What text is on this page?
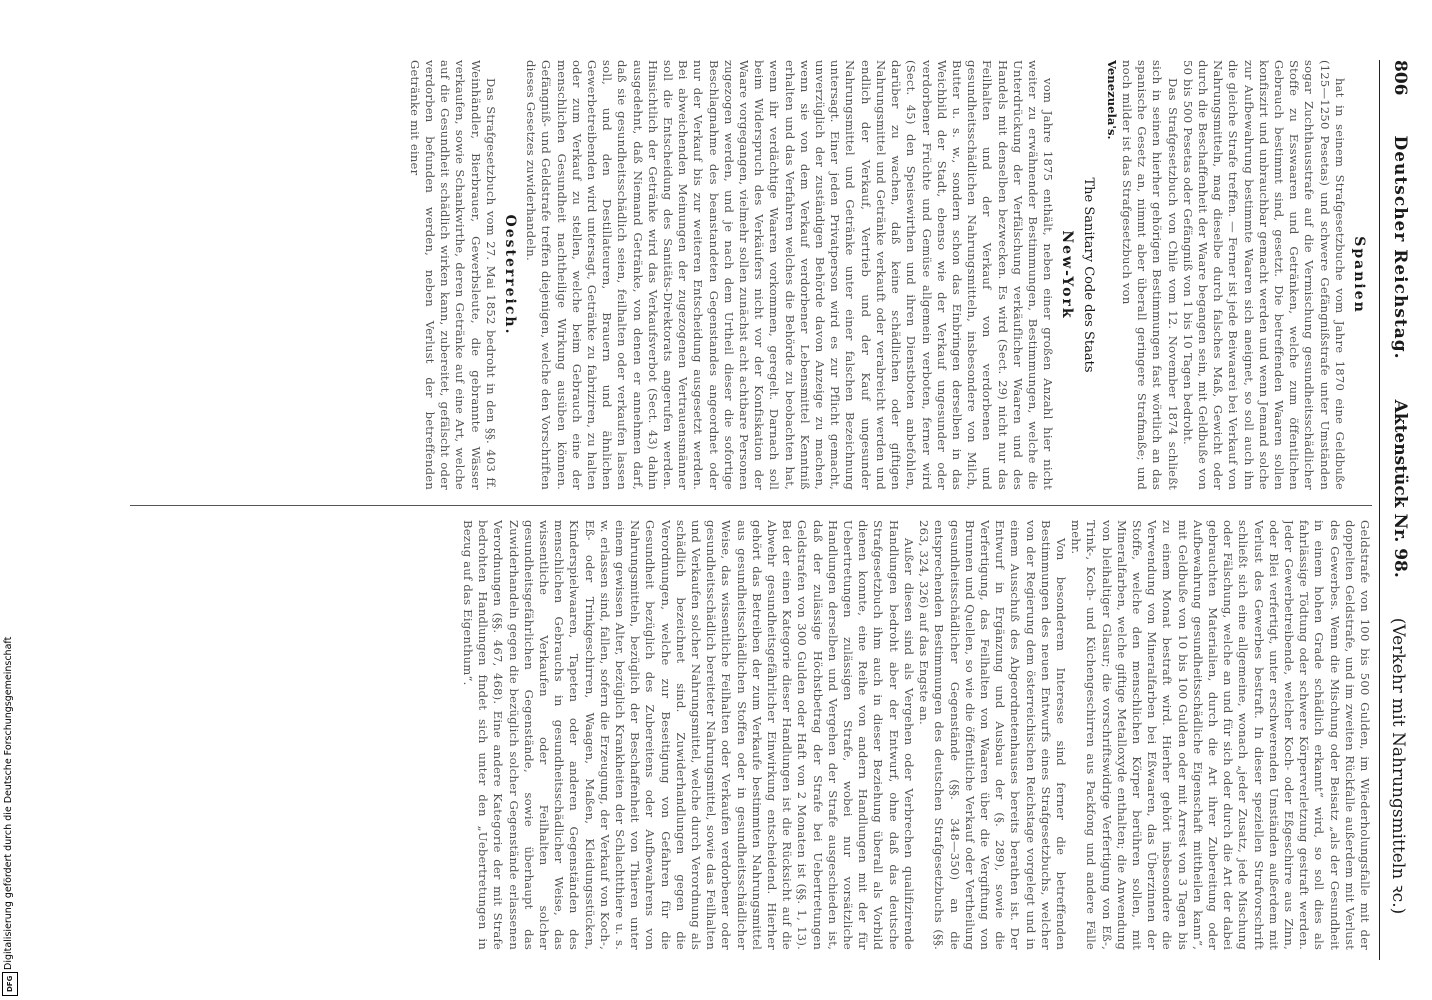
Digitalisierung gefördert durch die Deutsche Forschungsgemeinschaft
DFG
806
Deutscher Reichstag.
Aktenstück Nr. 98.
(Verkehr mit Nahrungsmitteln ꝛc.)
Spanien

hat in seinem Strafgesetzbuche vom Jahre 1870 eine Geldbuße (125—1250 Pesetas) und schwere Gefängnißstrafe unter Umständen sogar Zuchthausstrafe auf die Vermischung gesundheitsschädlicher Stoffe zu Esswaaren und Getränken, welche zum öffentlichen Gebrauch bestimmt sind, gesetzt. Die betreffenden Waaren sollen konfiszirt und unbrauchbar gemacht werden und wenn Jemand solche zur Aufbewahrung bestimmte Waaren sich aneignet, so soll auch ihn die gleiche Strafe treffen. — Ferner ist jede Beiwaarei bei Verkauf von Nahrungsmitteln, mag dieselbe durch falsches Maß, Gewicht oder durch die Beschaffenheit der Waare begangen sein, mit Geldbuße von 50 bis 500 Pesetas oder Gefängniß von 1 bis 10 Tagen bedroht.

Das Strafgesetzbuch von Chile vom 12. November 1874 schließt sich in seinen hierher gehörigen Bestimmungen fast wörtlich an das spanische Gesetz an, nimmt aber überall geringere Strafmaße; und noch milder ist das Strafgesetzbuch von

Venezuela's.

The Sanitary Code des Staats
New-York

vom Jahre 1875 enthält, neben einer großen Anzahl hier nicht weiter zu erwähnender Bestimmungen, Bestimmungen, welche die Unterdrückung der Verfälschung verkäuflicher Waaren und des Handels mit denselben bezwecken. Es wird (Sect. 29) nicht nur das Feilhalten und der Verkauf von verdorbenen und gesundheitsschädlichen Nahrungsmitteln, insbesondere von Milch, Butter u. s. w., sondern schon das Einbringen derselben in das Weichbild der Stadt, ebenso wie der Verkauf ungesunder oder verdorbener Früchte und Gemüse allgemein verboten, ferner wird (Sect. 45) den Speisewirthen und ihren Dienstboten anbefohlen, darüber zu wachen, daß keine schädlichen oder giftigen Nahrungsmittel und Getränke verkauft oder verabreicht werden und endlich der Verkauf, Vertrieb und der Kauf ungesunder Nahrungsmittel und Getränke unter einer falschen Bezeichnung untersagt. Einer jeden Privatperson wird es zur Pflicht gemacht, unverzüglich der zuständigen Behörde davon Anzeige zu machen, wenn sie von dem Verkauf verdorbener Lebensmittel Kenntniß erhalten und das Verfahren welches die Behörde zu beobachten hat, wenn ihr verdächtige Waaren vorkommen, geregelt. Darnach soll beim Widerspruch des Verkäufers nicht vor der Konfiskation der Waare vorgegangen, vielmehr sollen zunächst acht achtbare Personen zugezogen werden, und je nach dem Urtheil dieser die sofortige Beschlagnahme des beanstandeten Gegenstandes angeordnet oder nur der Verkauf bis zur weiteren Entscheidung ausgesetzt werden. Bei abweichenden Meinungen der zugezogenen Vertrauensmänner soll die Entscheidung des Sanitäts-Direktorats angerufen werden. Hinsichtlich der Getränke wird das Verkaufsverbot (Sect. 43) dahin ausgedehnt, daß Niemand Getränke, von denen er annehmen darf, daß sie gesundheitsschädlich seien, feilhalten oder verkaufen lassen soll, und den Destillateuren, Brauern und ähnlichen Gewerbetreibenden wird untersagt, Getränke zu fabriziren, zu halten oder zum Verkauf zu stellen, welche beim Gebrauch eine der menschlichen Gesundheit nachtheilige Wirkung ausüben können. Gefängniß- und Geldstrafe treffen diejenigen, welche den Vorschriften dieses Gesetzes zuwiderhandeln.

Oesterreich.

Das Strafgesetzbuch vom 27. Mai 1852 bedroht in den §§. 403 ff. Weinhändler, Bierbrauer, Gewerbsleute, die gebrannte Wässer verkaufen, sowie Schankwirthe, deren Getränke auf eine Art, welche auf die Gesundheit schädlich wirken kann, zubereitet, gefälscht oder verdorben befunden werden, neben Verlust der betreffenden Getränke mit einer

Geldstrafe von 100 bis 500 Gulden, im Wiederholungsfalle mit der doppelten Geldstrafe, und im zweiten Rückfalle außerdem mit Verlust des Gewerbes. Wenn die Mischung oder Beisatz „als der Gesundheit in einem hohen Grade schädlich erkannt“ wird, so soll dies als fahrlässige Tödtung oder schwere Körperverletzung gestraft werden. Jeder Gewerbetreibende, welcher Koch- oder Eßgeschirre aus Zinn, oder Blei verfertigt, unter erschwerenden Umständen außerdem mit Verlust des Gewerbes bestraft. In dieser speziellen Strafvorschrift schließt sich eine allgemeine, wonach „jeder Zusatz, jede Mischung oder Fälschung, welche an und für sich oder durch die Art der dabei gebrauchten Materialien, durch die Art ihrer Zubereitung oder Aufbewahrung gesundheitsschädliche Eigenschaft mittheilen kann“, mit Geldbuße von 10 bis 100 Gulden oder mit Arrest von 3 Tagen bis zu einem Monat bestraft wird. Hierher gehört insbesondere die Verwendung von Mineralfarben bei Eßwaaren, das Überzinnen der Stoffe, welche den menschlichen Körper berühren sollen, mit Mineralfarben, welche giftige Metalloxyde enthalten; die Anwendung von bleihaltiger Glasur; die vorschriftswidrige Verfertigung von Eß-, Trink-, Koch- und Küchengeschirren aus Packfong und andere Fälle mehr.

Von besonderem Interesse sind ferner die betreffenden Bestimmungen des neuen Entwurfs eines Strafgesetzbuchs, welcher von der Regierung dem österreichischen Reichstage vorgelegt und in einem Ausschuß des Abgeordnetenhauses bereits berathen ist. Der Entwurf in Ergänzung und Ausbau der (§. 289), sowie die Verfertigung, das Feilhalten von Waaren über die Vergiftung von Brunnen und Quellen, so wie die öffentliche Verkauf oder Vertheilung gesundheitsschädlicher Gegenstände (§§. 348—350) an die entsprechenden Bestimmungen des deutschen Strafgesetzbuchs (§§. 263, 324, 326) auf das Engste an.

Außer diesen sind als Vergehen oder Verbrechen qualifizirende Handlungen bedroht aber der Entwurf, ohne daß das deutsche Strafgesetzbuch ihm auch in dieser Beziehung überall als Vorbild dienen konnte, eine Reihe von andern Handlungen mit der für Uebertretungen zulässigen Strafe, wobei nur vorsätzliche Handlungen derselben und Vergehen der Strafe ausgeschieden ist, daß der zulässige Höchstbetrag der Strafe bei Uebertretungen Geldstrafen von 300 Gulden oder Haft von 2 Monaten ist (§§. 1, 13). Bei der einen Kategorie dieser Handlungen ist die Rücksicht auf die Abwehr gesundheitsgefährlicher Einwirkung entscheidend. Hierher gehört das Betreiben der zum Verkaufe bestimmten Nahrungsmittel aus gesundheitsschädlichen Stoffen oder in gesundheitsschädlicher Weise, das wissentliche Feilhalten oder Verkaufen verdorbener oder gesundheitsschädlich bereiteter Nahrungsmittel, sowie das Feilhalten und Verkaufen solcher Nahrungsmittel, welche durch Verordnung als schädlich bezeichnet sind. Zuwiderhandlungen gegen die Verordnungen, welche zur Beseitigung von Gefahren für die Gesundheit bezüglich des Zubereitens oder Aufbewahrens von Nahrungsmitteln, bezüglich der Beschaffenheit von Thieren unter einem gewissen Alter, bezüglich Krankheiten der Schlachtthiere u. s. w. erlassen sind, fallen, sofern die Erzeugung, der Verkauf von Koch-, Eß- oder Trinkgeschirren, Waagen, Maßen, Kleidungsstücken, Kinderspielwaaren, Tapeten oder anderen Gegenständen des menschlichen Gebrauchs in gesundheitsschädlicher Weise, das wissentliche Verkaufen oder Feilhalten solcher gesundheitsgefährlichen Gegenstände, sowie überhaupt das Zuwiderhandeln gegen die bezüglich solcher Gegenstände erlassenen Verordnungen (§§. 467, 468). Eine andere Kategorie der mit Strafe bedrohten Handlungen findet sich unter den „Uebertretungen in Bezug auf das Eigenthum“.
